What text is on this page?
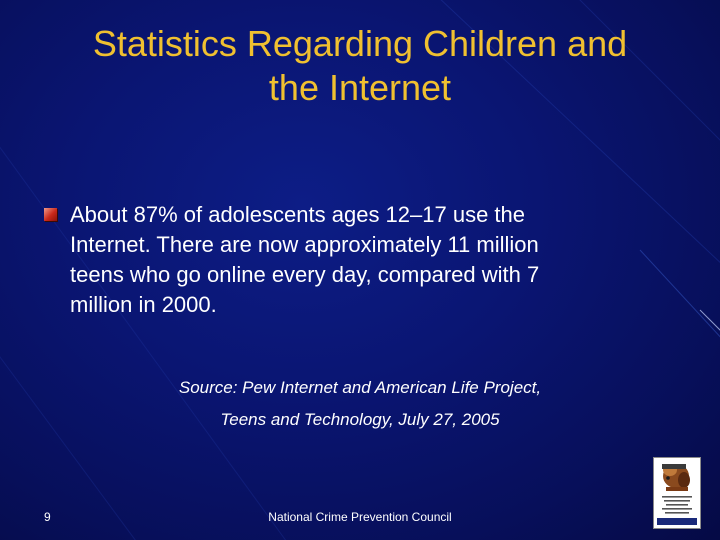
Statistics Regarding Children and
the Internet
About 87% of adolescents ages 12–17 use the
Internet. There are now approximately 11 million
teens who go online every day, compared with 7
million in 2000.
Source: Pew Internet and American Life Project,
Teens and Technology, July 27, 2005
9	National Crime Prevention Council
